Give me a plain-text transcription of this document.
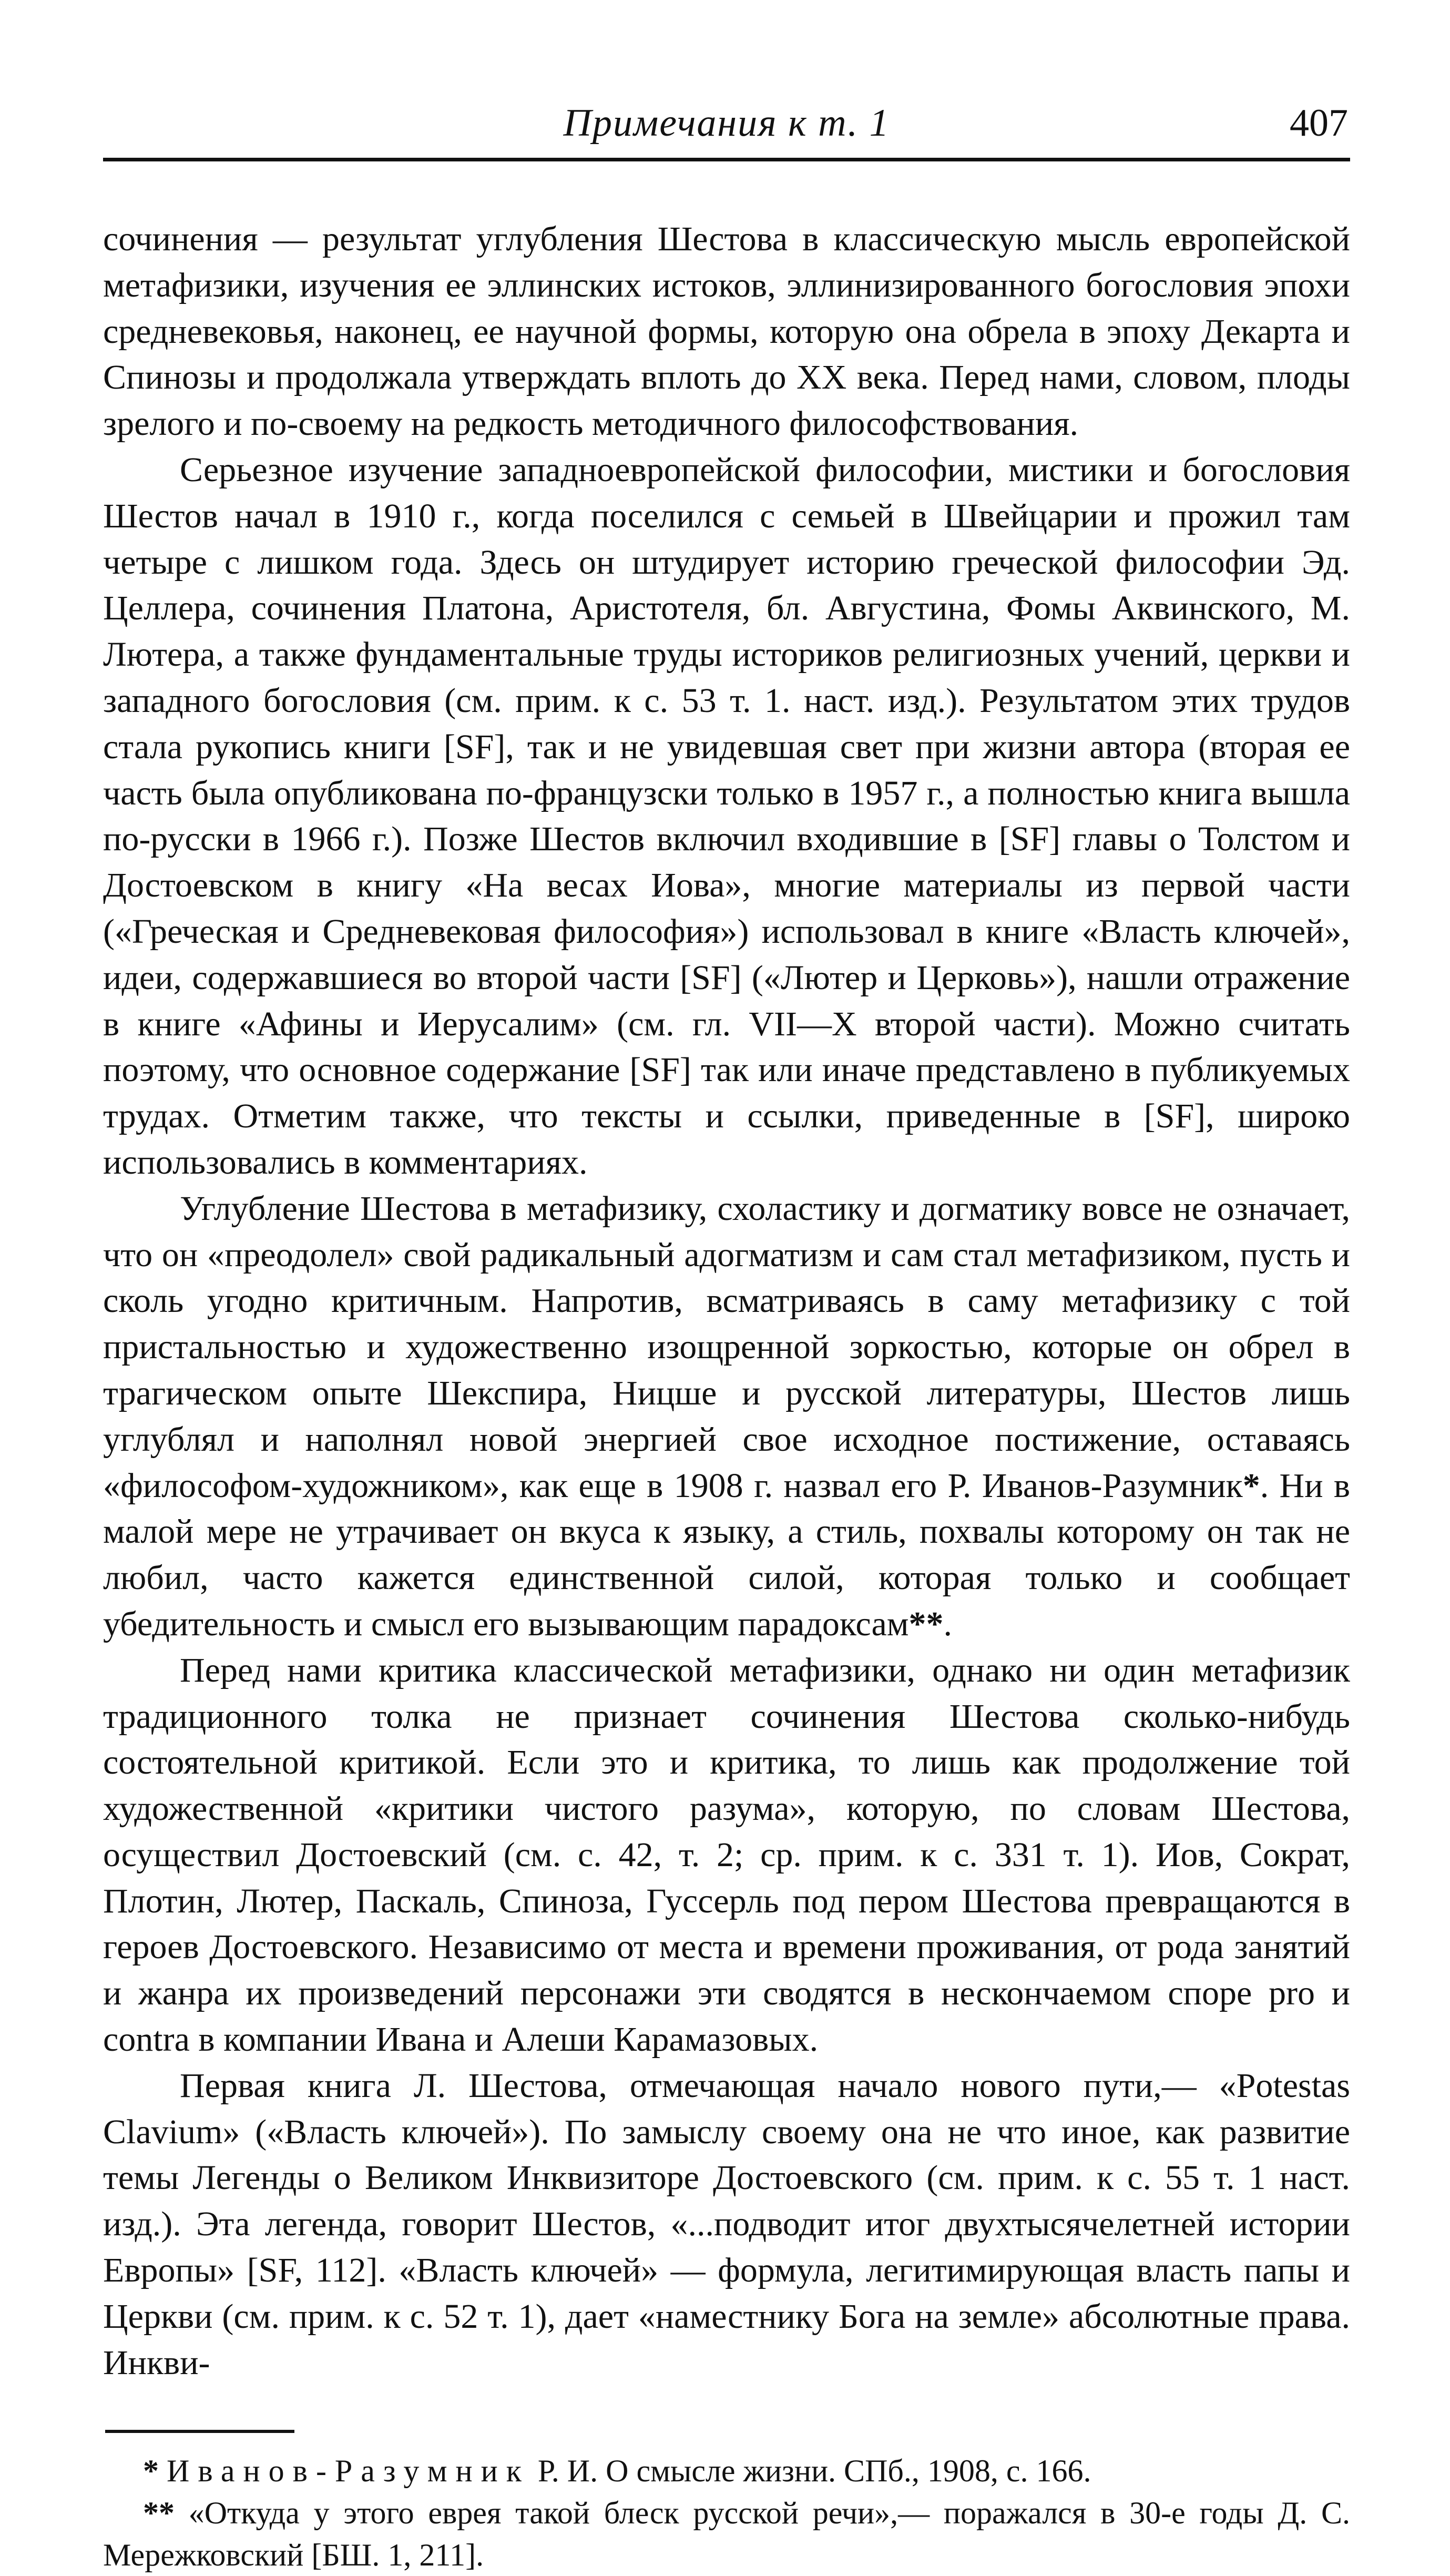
Примечания к т. 1	407

сочинения — результат углубления Шестова в классическую мысль европейской метафизики, изучения ее эллинских истоков, эллинизированного богословия эпохи средневековья, наконец, ее научной формы, которую она обрела в эпоху Декарта и Спинозы и продолжала утверждать вплоть до XX века. Перед нами, словом, плоды зрелого и по-своему на редкость методичного философствования.

Серьезное изучение западноевропейской философии, мистики и богословия Шестов начал в 1910 г., когда поселился с семьей в Швейцарии и прожил там четыре с лишком года. Здесь он штудирует историю греческой философии Эд. Целлера, сочинения Платона, Аристотеля, бл. Августина, Фомы Аквинского, М. Лютера, а также фундаментальные труды историков религиозных учений, церкви и западного богословия (см. прим. к с. 53 т. 1. наст. изд.). Результатом этих трудов стала рукопись книги [SF], так и не увидевшая свет при жизни автора (вторая ее часть была опубликована по-французски только в 1957 г., а полностью книга вышла по-русски в 1966 г.). Позже Шестов включил входившие в [SF] главы о Толстом и Достоевском в книгу «На весах Иова», многие материалы из первой части («Греческая и Средневековая философия») использовал в книге «Власть ключей», идеи, содержавшиеся во второй части [SF] («Лютер и Церковь»), нашли отражение в книге «Афины и Иерусалим» (см. гл. VII—X второй части). Можно считать поэтому, что основное содержание [SF] так или иначе представлено в публикуемых трудах. Отметим также, что тексты и ссылки, приведенные в [SF], широко использовались в комментариях.

Углубление Шестова в метафизику, схоластику и догматику вовсе не означает, что он «преодолел» свой радикальный адогматизм и сам стал метафизиком, пусть и сколь угодно критичным. Напротив, всматриваясь в саму метафизику с той пристальностью и художественно изощренной зоркостью, которые он обрел в трагическом опыте Шекспира, Ницше и русской литературы, Шестов лишь углублял и наполнял новой энергией свое исходное постижение, оставаясь «философом-художником», как еще в 1908 г. назвал его Р. Иванов-Разумник*. Ни в малой мере не утрачивает он вкуса к языку, а стиль, похвалы которому он так не любил, часто кажется единственной силой, которая только и сообщает убедительность и смысл его вызывающим парадоксам**.

Перед нами критика классической метафизики, однако ни один метафизик традиционного толка не признает сочинения Шестова сколько-нибудь состоятельной критикой. Если это и критика, то лишь как продолжение той художественной «критики чистого разума», которую, по словам Шестова, осуществил Достоевский (см. с. 42, т. 2; ср. прим. к с. 331 т. 1). Иов, Сократ, Плотин, Лютер, Паскаль, Спиноза, Гуссерль под пером Шестова превращаются в героев Достоевского. Независимо от места и времени проживания, от рода занятий и жанра их произведений персонажи эти сводятся в нескончаемом споре pro и contra в компании Ивана и Алеши Карамазовых.

Первая книга Л. Шестова, отмечающая начало нового пути,— «Potestas Clavium» («Власть ключей»). По замыслу своему она не что иное, как развитие темы Легенды о Великом Инквизиторе Достоевского (см. прим. к с. 55 т. 1 наст. изд.). Эта легенда, говорит Шестов, «...подводит итог двухтысячелетней истории Европы» [SF, 112]. «Власть ключей» — формула, легитимирующая власть папы и Церкви (см. прим. к с. 52 т. 1), дает «наместнику Бога на земле» абсолютные права. Инкви-

* Иванов-Разумник Р. И. О смысле жизни. СПб., 1908, с. 166.

** «Откуда у этого еврея такой блеск русской речи»,— поражался в 30-е годы Д. С. Мережковский [БШ. 1, 211].
